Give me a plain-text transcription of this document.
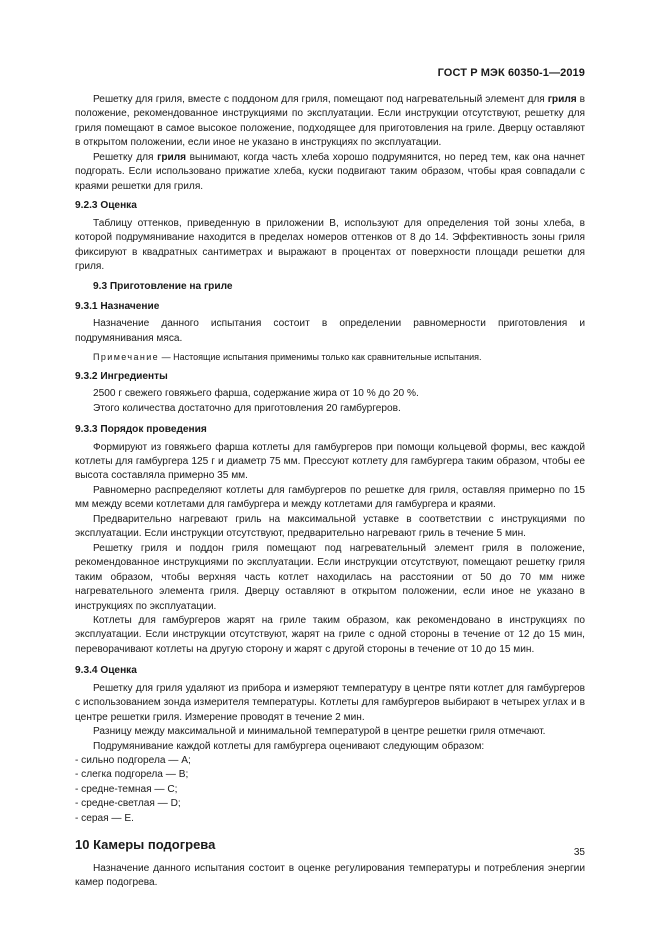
ГОСТ Р МЭК 60350-1—2019

Решетку для гриля, вместе с поддоном для гриля, помещают под нагревательный элемент для гриля в положение, рекомендованное инструкциями по эксплуатации. Если инструкции отсутствуют, решетку для гриля помещают в самое высокое положение, подходящее для приготовления на гриле. Дверцу оставляют в открытом положении, если иное не указано в инструкциях по эксплуатации.

Решетку для гриля вынимают, когда часть хлеба хорошо подрумянится, но перед тем, как она начнет подгорать. Если использовано прижатие хлеба, куски подвигают таким образом, чтобы края совпадали с краями решетки для гриля.

9.2.3 Оценка

Таблицу оттенков, приведенную в приложении В, используют для определения той зоны хлеба, в которой подрумянивание находится в пределах номеров оттенков от 8 до 14. Эффективность зоны гриля фиксируют в квадратных сантиметрах и выражают в процентах от поверхности площади решетки для гриля.

9.3 Приготовление на гриле

9.3.1 Назначение

Назначение данного испытания состоит в определении равномерности приготовления и подрумянивания мяса.

Примечание — Настоящие испытания применимы только как сравнительные испытания.

9.3.2 Ингредиенты

2500 г свежего говяжьего фарша, содержание жира от 10 % до 20 %.

Этого количества достаточно для приготовления 20 гамбургеров.

9.3.3 Порядок проведения

Формируют из говяжьего фарша котлеты для гамбургеров при помощи кольцевой формы, вес каждой котлеты для гамбургера 125 г и диаметр 75 мм. Прессуют котлету для гамбургера таким образом, чтобы ее высота составляла примерно 35 мм.

Равномерно распределяют котлеты для гамбургеров по решетке для гриля, оставляя примерно по 15 мм между всеми котлетами для гамбургера и между котлетами для гамбургера и краями.

Предварительно нагревают гриль на максимальной уставке в соответствии с инструкциями по эксплуатации. Если инструкции отсутствуют, предварительно нагревают гриль в течение 5 мин.

Решетку гриля и поддон гриля помещают под нагревательный элемент гриля в положение, рекомендованное инструкциями по эксплуатации. Если инструкции отсутствуют, помещают решетку гриля таким образом, чтобы верхняя часть котлет находилась на расстоянии от 50 до 70 мм ниже нагревательного элемента гриля. Дверцу оставляют в открытом положении, если иное не указано в инструкциях по эксплуатации.

Котлеты для гамбургеров жарят на гриле таким образом, как рекомендовано в инструкциях по эксплуатации. Если инструкции отсутствуют, жарят на гриле с одной стороны в течение от 12 до 15 мин, переворачивают котлеты на другую сторону и жарят с другой стороны в течение от 10 до 15 мин.

9.3.4 Оценка

Решетку для гриля удаляют из прибора и измеряют температуру в центре пяти котлет для гамбургеров с использованием зонда измерителя температуры. Котлеты для гамбургеров выбирают в четырех углах и в центре решетки гриля. Измерение проводят в течение 2 мин.

Разницу между максимальной и минимальной температурой в центре решетки гриля отмечают.

Подрумянивание каждой котлеты для гамбургера оценивают следующим образом:

- сильно подгорела — А;

- слегка подгорела — В;

- средне-темная — С;

- средне-светлая — D;

- серая — Е.

10 Камеры подогрева

Назначение данного испытания состоит в оценке регулирования температуры и потребления энергии камер подогрева.

35
